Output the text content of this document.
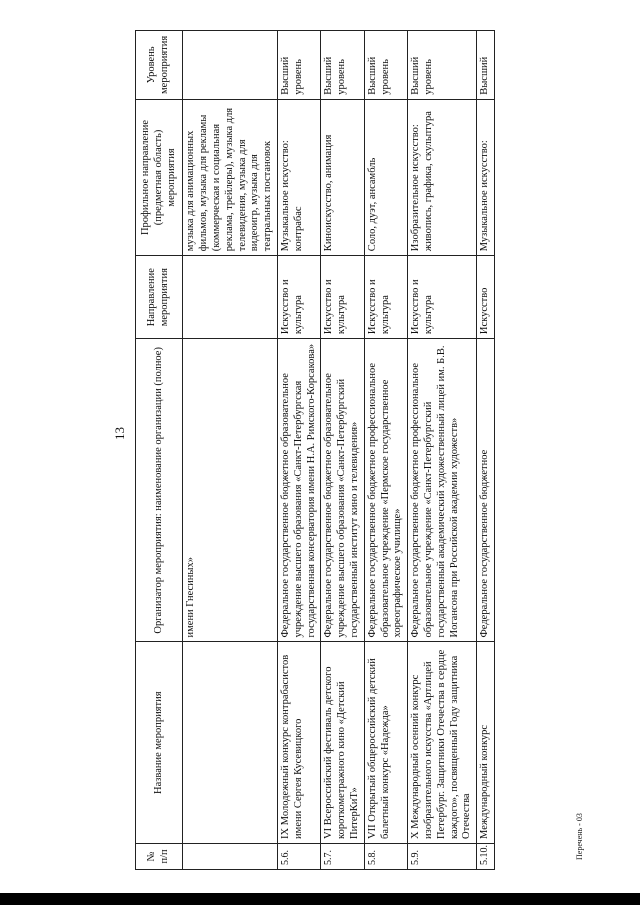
13
№ п/п	Название мероприятия	Организатор мероприятия: наименование организации (полное)	Направление мероприятия	Профильное направление (предметная область) мероприятия	Уровень мероприятия
		имени Гнесиных»		музыка для анимационных фильмов, музыка для рекламы (коммерческая и социальная реклама, трейлеры), музыка для телевидения, музыка для видеоигр, музыка для театральных постановок	
5.6.	IX Молодежный конкурс контрабасистов имени Сергея Кусевицкого	Федеральное государственное бюджетное образовательное учреждение высшего образования «Санкт-Петербургская государственная консерватория имени Н.А. Римского-Корсакова»	Искусство и культура	Музыкальное искусство: контрабас	Высший уровень
5.7.	VI Всероссийский фестиваль детского короткометражного кино «Детский ПитерКиТ»	Федеральное государственное бюджетное образовательное учреждение высшего образования «Санкт-Петербургский государственный институт кино и телевидения»	Искусство и культура	Киноискусство, анимация	Высший уровень
5.8.	VII Открытый общероссийский детский балетный конкурс «Надежда»	Федеральное государственное бюджетное профессиональное образовательное учреждение «Пермское государственное хореографическое училище»	Искусство и культура	Соло, дуэт, ансамбль	Высший уровень
5.9.	X Международный осенний конкурс изобразительного искусства «Артлицей Петербург. Защитники Отечества в сердце каждого», посвященный Году защитника Отечества	Федеральное государственное бюджетное профессиональное образовательное учреждение «Санкт-Петербургский государственный академический художественный лицей им. Б.В. Иогансона при Российской академии художеств»	Искусство и культура	Изобразительное искусство: живопись, графика, скульптура	Высший уровень
5.10.	Международный конкурс	Федеральное государственное бюджетное	Искусство	Музыкальное искусство:	Высший
Перечень - 03
